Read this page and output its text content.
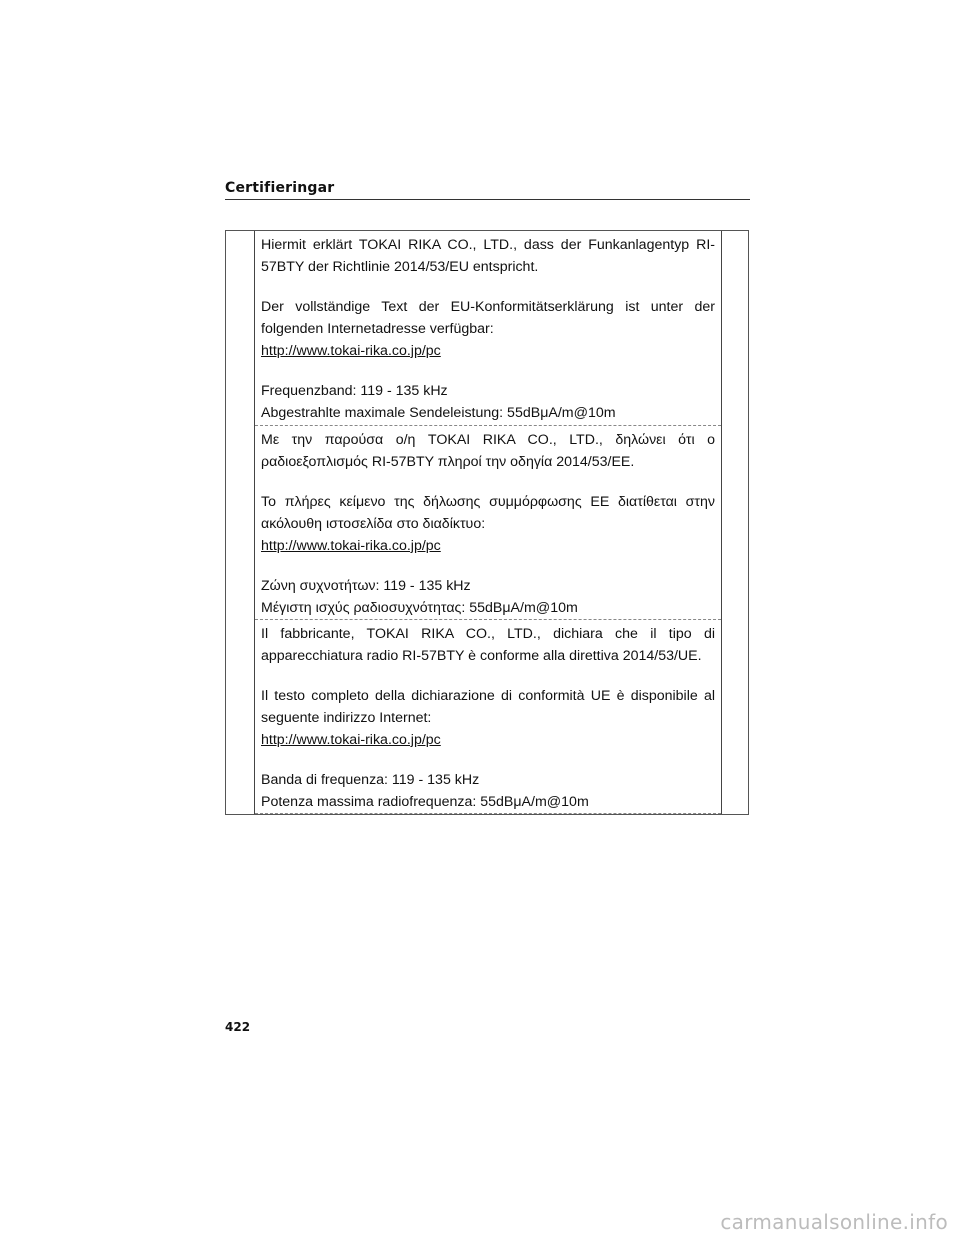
Certifieringar

Hiermit erklärt TOKAI RIKA CO., LTD., dass der Funkanlagentyp RI-57BTY der Richtlinie 2014/53/EU entspricht.

Der vollständige Text der EU-Konformitätserklärung ist unter der folgenden Internetadresse verfügbar:

http://www.tokai-rika.co.jp/pc
Frequenzband: 119 - 135 kHz
Abgestrahlte maximale Sendeleistung: 55dBμA/m@10m

Με την παρούσα ο/η TOKAI RIKA CO., LTD., δηλώνει ότι ο ραδιοεξοπλισμός RI-57BTY πληροί την οδηγία 2014/53/ΕΕ.

Το πλήρες κείμενο της δήλωσης συμμόρφωσης ΕΕ διατίθεται στην ακόλουθη ιστοσελίδα στο διαδίκτυο:

http://www.tokai-rika.co.jp/pc
Ζώνη συχνοτήτων: 119 - 135 kHz
Μέγιστη ισχύς ραδιοσυχνότητας: 55dBμA/m@10m

Il fabbricante, TOKAI RIKA CO., LTD., dichiara che il tipo di apparecchiatura radio RI-57BTY è conforme alla direttiva 2014/53/UE.

Il testo completo della dichiarazione di conformità UE è disponibile al seguente indirizzo Internet:

http://www.tokai-rika.co.jp/pc
Banda di frequenza: 119 - 135 kHz
Potenza massima radiofrequenza: 55dBμA/m@10m
422
carmanualsonline.info
